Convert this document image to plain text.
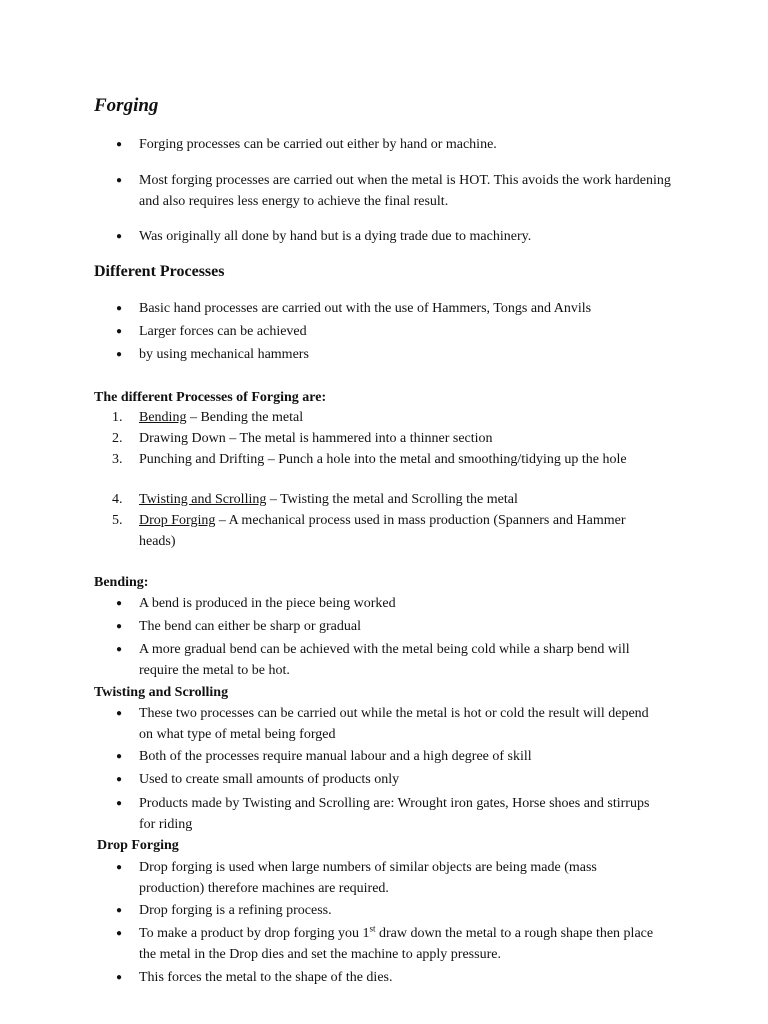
Forging
● Forging processes can be carried out either by hand or machine.
● Most forging processes are carried out when the metal is HOT. This avoids the work hardening and also requires less energy to achieve the final result.
● Was originally all done by hand but is a dying trade due to machinery.
Different Processes
● Basic hand processes are carried out with the use of Hammers, Tongs and Anvils
● Larger forces can be achieved
● by using mechanical hammers
The different Processes of Forging are:
1.	Bending – Bending the metal
2.	Drawing Down – The metal is hammered into a thinner section
3.	Punching and Drifting – Punch a hole into the metal and smoothing/tidying up the hole
4.	Twisting and Scrolling – Twisting the metal and Scrolling the metal
5.	Drop Forging – A mechanical process used in mass production (Spanners and Hammer heads)
Bending:
● A bend is produced in the piece being worked
● The bend can either be sharp or gradual
● A more gradual bend can be achieved with the metal being cold while a sharp bend will require the metal to be hot.
Twisting and Scrolling
● These two processes can be carried out while the metal is hot or cold the result will depend on what type of metal being forged
● Both of the processes require manual labour and a high degree of skill
● Used to create small amounts of products only
● Products made by Twisting and Scrolling are: Wrought iron gates, Horse shoes and stirrups for riding
Drop Forging
● Drop forging is used when large numbers of similar objects are being made (mass production) therefore machines are required.
● Drop forging is a refining process.
● To make a product by drop forging you 1st draw down the metal to a rough shape then place the metal in the Drop dies and set the machine to apply pressure.
● This forces the metal to the shape of the dies.
